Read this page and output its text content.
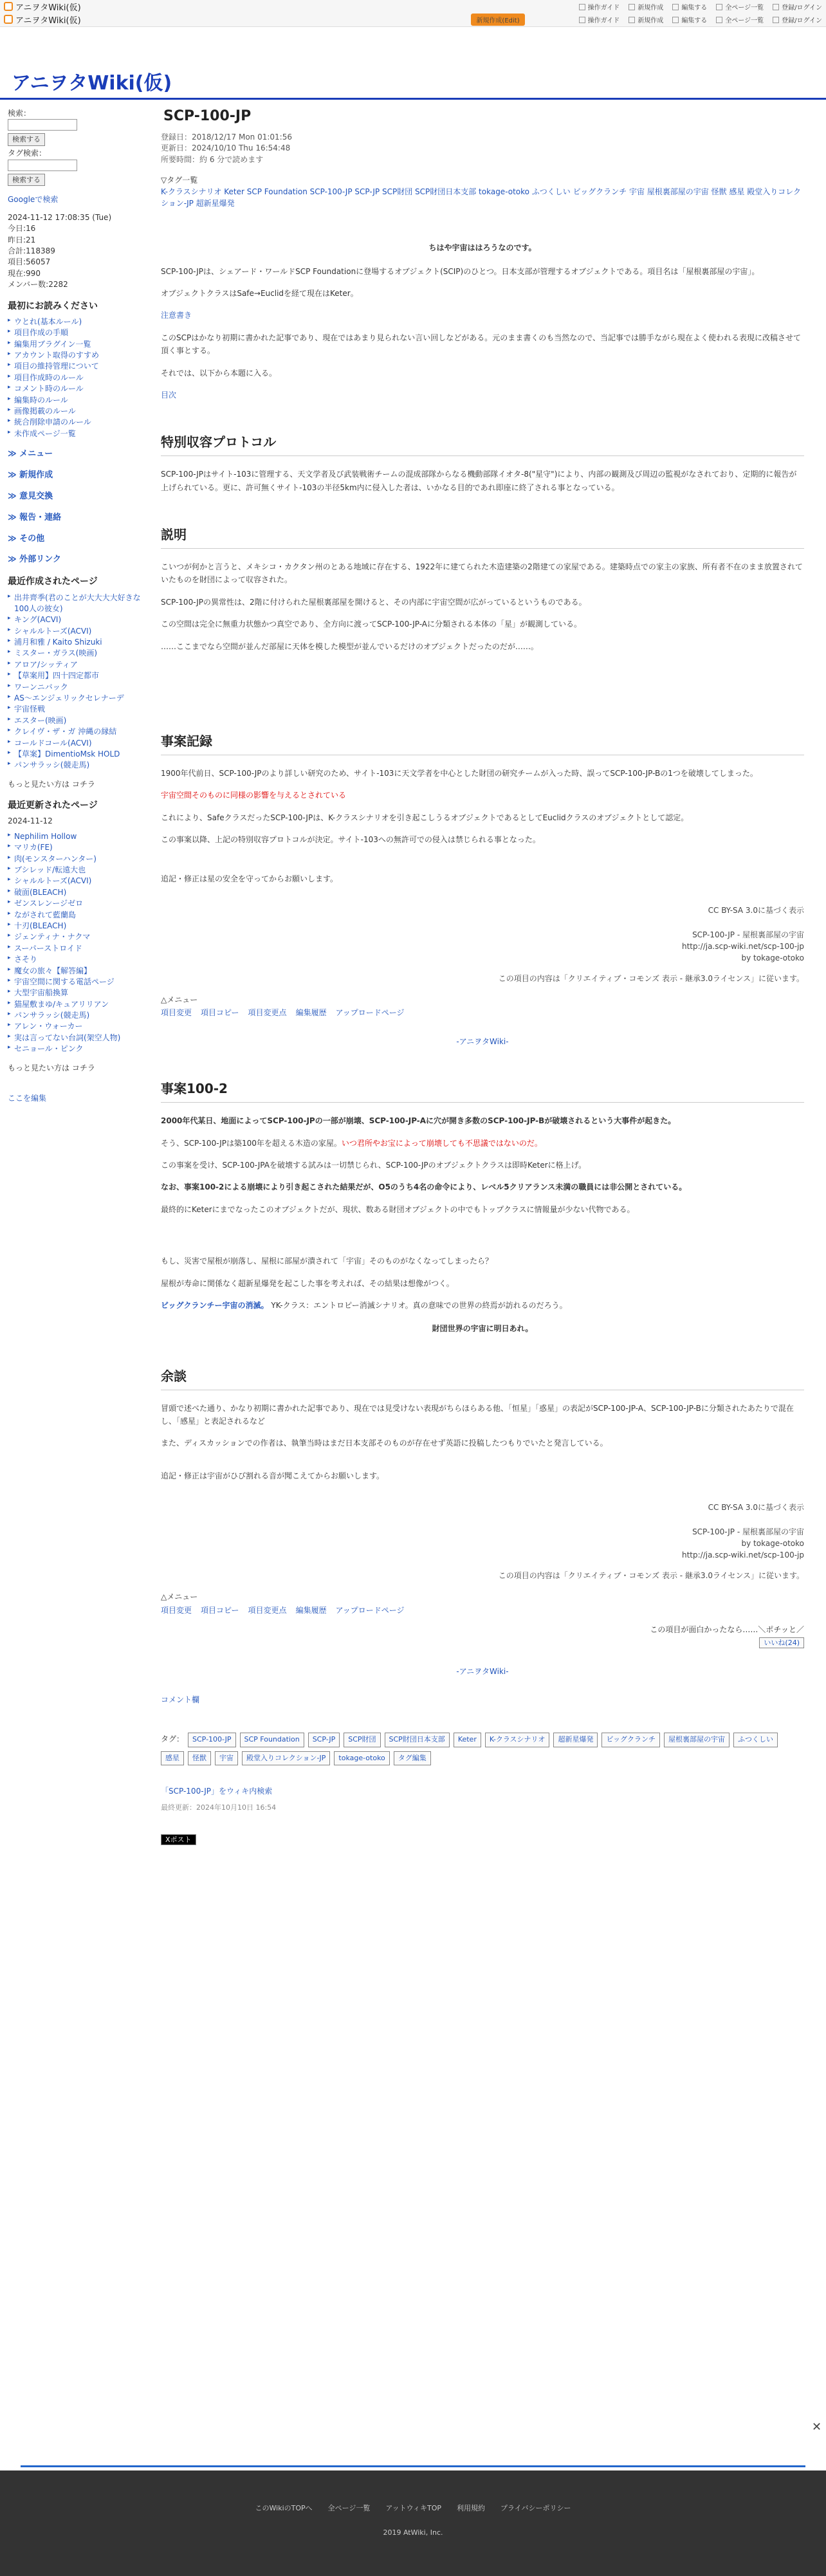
アニヲタWiki(仮)	操作ガイド	新規作成	編集する	全ページ一覧	登録/ログイン
アニヲタWiki(仮)	新規作成(Edit)	操作ガイド	新規作成	編集する	全ページ一覧	登録/ログイン
アニヲタWiki(仮)
検索：
検索する
タグ検索：
検索する
Googleで検索
2024-11-12 17:08:35 (Tue)
今日:16
昨日:21
合計:118389
項目:56057
現在:990
メンバー数:2282
最初にお読みください
▸ ウとれ(基本ルール)
▸ 項目作成の手順
▸ 編集用ブラグイン一覧
▸ アカウント取得のすすめ
▸ 項目の維持管理について
▸ 項目作成時のルール
▸ コメント時のルール
▸ 編集時のルール
▸ 画像掲載のルール
▸ 統合削除申請のルール
▸ 未作成ページ一覧
≫ メニュー
≫ 新規作成
≫ 意見交換
≫ 報告・連絡
≫ その他
≫ 外部リンク
最近作成されたページ
▸ 出井齊季(君のことが大大大大好きな100人の彼女)
▸ キング(ACVI)
▸ シャルルトーズ(ACVI)
▸ 浦月和雅 / Kaito Shizuki
▸ ミスター・ガラス(映画)
▸ アロア/シッティア
▸ 【草案用】四十四定都市
▸ ワーンニバック
▸ AS〜エンジェリックセレナーデ
▸ 宇宙怪戦
▸ エスター(映画)
▸ クレイヴ・ザ・ガ 沖縄の縁結
▸ コールドコール(ACVI)
▸ 【草案】DimentioMsk HOLD
▸ パンサラッシ(競走馬)
もっと見たい方は コチラ
最近更新されたページ
2024-11-12
▸ Nephilim Hollow
▸ マリカ(FE)
▸ 肉(モンスターハンター)
▸ ブシレッド/転遠大也
▸ シャルルトーズ(ACVI)
▸ 破面(BLEACH)
▸ ゼンスレンージゼロ
▸ ながされて藍蘭島
▸ 十刃(BLEACH)
▸ ジェンティナ・ナクマ
▸ スーパーストロイド
▸ さそり
▸ 魔女の旅々【解答編】
▸ 宇宙空間に関する電話ページ
▸ 大型宇宙船換算
▸ 猫屋敷まゆ/キュアリリアン
▸ パンサラッシ(競走馬)
▸ アレン・ウォーカー
▸ 実は言ってない台詞(架空人物)
▸ セニョール・ピンク
もっと見たい方は コチラ
ここを編集
SCP-100-JP
登録日：2018/12/17 Mon 01:01:56
更新日：2024/10/10 Thu 16:54:48
所要時間：約 6 分で読めます
▽タグ一覧
K-クラスシナリオ Keter SCP Foundation SCP-100-JP SCP-JP SCP財団 SCP財団日本支部 tokage-otoko ふつくしい ビッグクランチ 宇宙 屋根裏部屋の宇宙 怪獣 感星 殿堂入りコレクション-JP 超新星爆発
ちはや宇宙ははろうなのです。

SCP-100-JPは、シェアード・ワールドSCP Foundationに登場するオブジェクト(SCIP)のひとつ。日本支部が管理するオブジェクトである。項目名は「屋根裏部屋の宇宙」。

オブジェクトクラスはSafe→Euclidを経て現在はKeter。

注意書き

このSCPはかなり初期に書かれた記事であり、現在ではあまり見られない言い回しなどがある。元のまま書くのも当然なので、当記事では勝手ながら現在よく使われる表現に改稿させて頂く事とする。

それでは、以下から本題に入る。

目次

特別収容プロトコル

SCP-100-JPはサイト-103に管理する、天文学者及び武装戦術チームの混成部隊からなる機動部隊イオタ-8("星守")により、内部の観測及び周辺の監視がなされており、定期的に報告が上げられている。更に、許可無くサイト-103の半径5km内に侵入した者は、いかなる目的であれ即座に終了される事となっている。

説明

こいつが何かと言うと、メキシコ・カクタン州のとある地域に存在する、1922年に建てられた木造建築の2階建ての家屋である。建築時点での家主の家族、所有者不在のまま放置されていたものを財団によって収容された。

SCP-100-JPの異常性は、2階に付けられた屋根裏部屋を開けると、その内部に宇宙空間が広がっているというものである。

この空間は完全に無重力状態かつ真空であり、全方向に渡ってSCP-100-JP-Aに分類される本体の「星」が観測している。

……ここまでなら空間が並んだ部屋に天体を模した模型が並んでいるだけのオブジェクトだったのだが……。

事案記録

1900年代前日、SCP-100-JPのより詳しい研究のため、サイト-103に天文学者を中心とした財団の研究チームが入った時、誤ってSCP-100-JP-Bの1つを破壊してしまった。

宇宙空間そのものに同様の影響を与えるとされている

これにより、SafeクラスだったSCP-100-JPは、K-クラスシナリオを引き起こしうるオブジェクトであるとしてEuclidクラスのオブジェクトとして認定。

この事案以降、上記の特別収容プロトコルが決定。サイト-103への無許可での侵入は禁じられる事となった。

追記・修正は星の安全を守ってからお願いします。

CC BY-SA 3.0に基づく表示
SCP-100-JP - 屋根裏部屋の宇宙
http://ja.scp-wiki.net/scp-100-jp
by tokage-otoko
この項目の内容は「クリエイティブ・コモンズ 表示 - 継承3.0ライセンス」に従います。
△メニュー
項目変更 項目コピー 項目変更点 編集履歴 アップロードページ
-アニヲタWiki-
事案100-2

2000年代某日、地面によってSCP-100-JPの一部が崩壊、SCP-100-JP-Aに穴が開き多数のSCP-100-JP-Bが破壊されるという大事件が起きた。

そう、SCP-100-JPは築100年を超える木造の家屋。いつ君所やお宝によって崩壊しても不思議ではないのだ。

この事案を受け、SCP-100-JPAを破壊する試みは一切禁じられ、SCP-100-JPのオブジェクトクラスは即時Keterに格上げ。

なお、事案100-2による崩壊により引き起こされた結果だが、O5のうち4名の命令により、レベル5クリアランス未満の職員には非公開とされている。

最終的にKeterにまでなったこのオブジェクトだが、現状、数ある財団オブジェクトの中でもトップクラスに情報量が少ない代物である。

もし、災害で屋根が崩落し、屋根に部屋が潰されて「宇宙」そのものがなくなってしまったら？

屋根が寿命に関係なく超新星爆発を起こした事を考えれば、その結果は想像がつく。

ビッグクランチー宇宙の消滅。 YK-クラス：エントロピー消滅シナリオ。真の意味での世界の終焉が訪れるのだろう。

財団世界の宇宙に明日あれ。
余談

冒頭で述べた通り、かなり初期に書かれた記事であり、現在では見受けない表現がちらほらある他、「恒星」「惑星」の表記がSCP-100-JP-A、SCP-100-JP-Bに分類されたあたりで混在し、「感星」と表記されるなど

また、ディスカッションでの作者は、執筆当時はまだ日本支部そのものが存在せず英語に投稿したつもりでいたと発言している。

追記・修正は宇宙がひび割れる音が聞こえてからお願いします。

CC BY-SA 3.0に基づく表示
SCP-100-JP - 屋根裏部屋の宇宙
by tokage-otoko
http://ja.scp-wiki.net/scp-100-jp
この項目の内容は「クリエイティブ・コモンズ 表示 - 継承3.0ライセンス」に従います。
△メニュー
項目変更 項目コピー 項目変更点 編集履歴 アップロードページ
この項目が面白かったなら……＼ポチッと／
いいね(24)
-アニヲタWiki-
コメント欄
タグ：	SCP-100-JP	SCP Foundation	SCP-JP	SCP財団	SCP財団日本支部	Keter	K-クラスシナリオ	超新星爆発	ビッグクランチ	屋根裏部屋の宇宙	ふつくしい
感星	怪獣	宇宙	殿堂入りコレクション-JP	tokage-otoko	タグ編集
「SCP-100-JP」をウィキ内検索
最終更新：2024年10月10日 16:54
Xポスト
✕
このWikiのTOPへ 全ページ一覧 アットウィキTOP 利用規約 プライバシーポリシー
2019 AtWiki, Inc.
